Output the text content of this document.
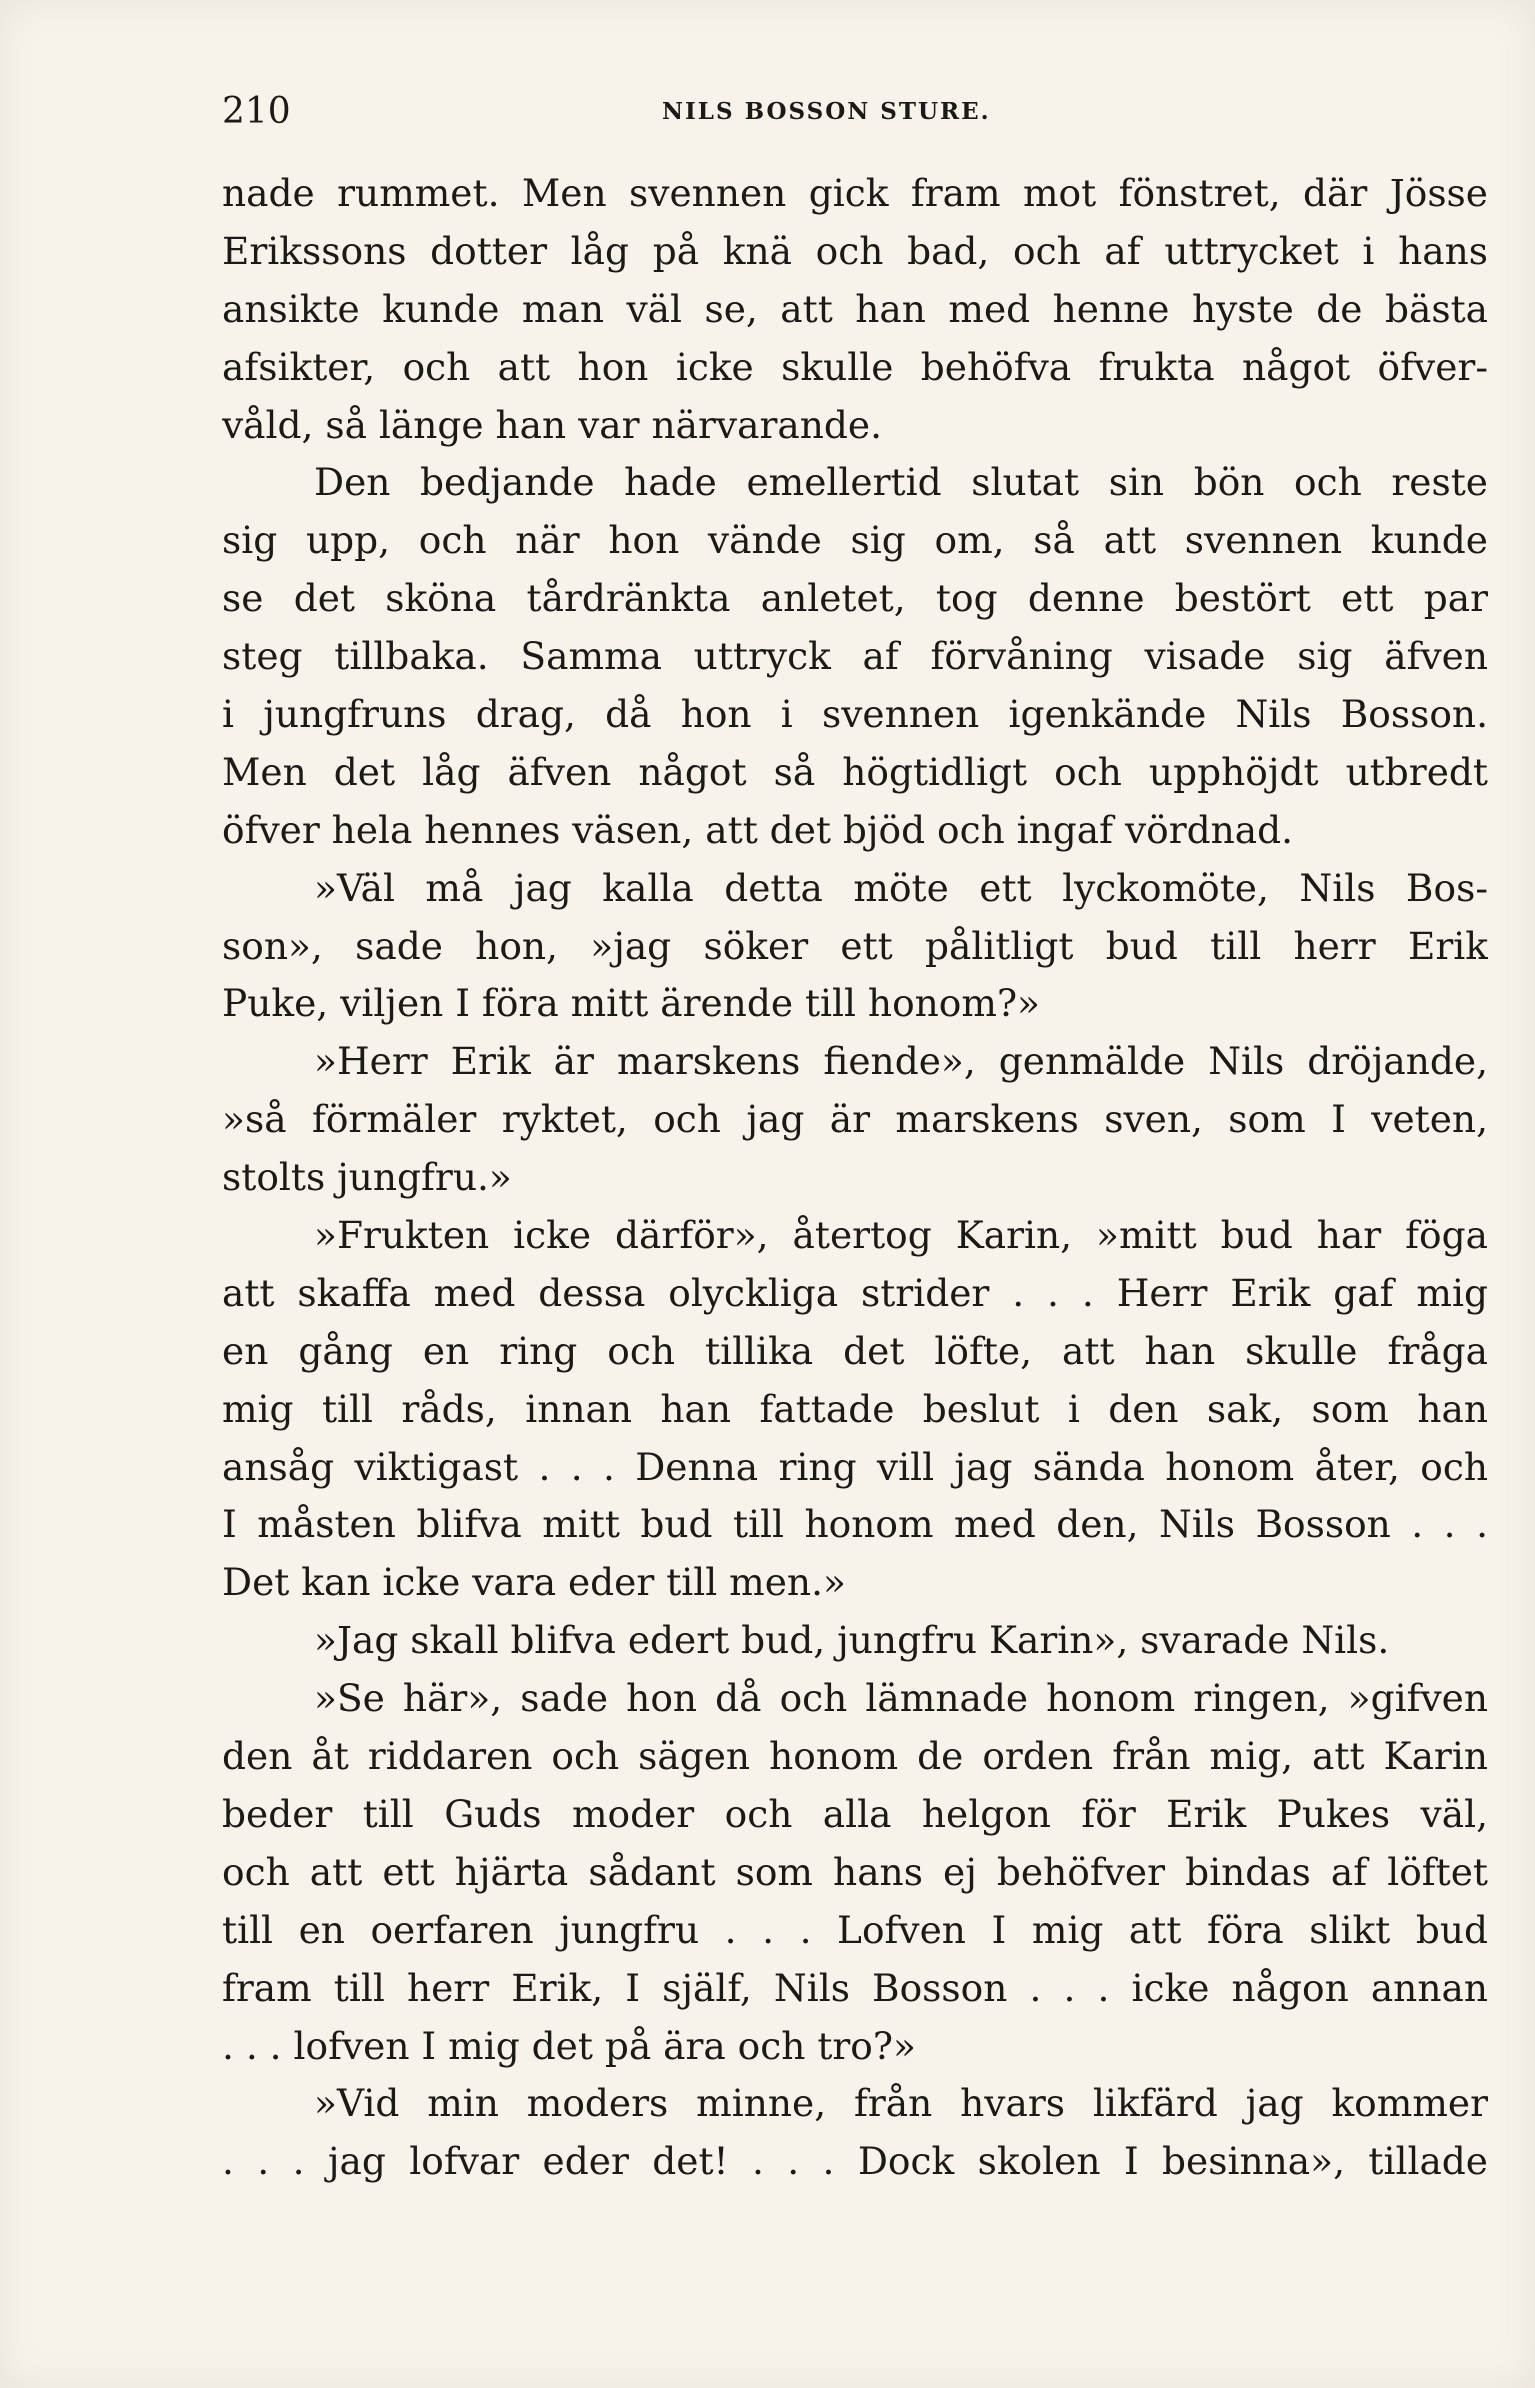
210	NILS BOSSON STURE.
nade rummet. Men svennen gick fram mot fönstret, där Jösse
Erikssons dotter låg på knä och bad, och af uttrycket i hans
ansikte kunde man väl se, att han med henne hyste de bästa
afsikter, och att hon icke skulle behöfva frukta något öfver-
våld, så länge han var närvarande.
Den bedjande hade emellertid slutat sin bön och reste
sig upp, och när hon vände sig om, så att svennen kunde
se det sköna tårdränkta anletet, tog denne bestört ett par
steg tillbaka. Samma uttryck af förvåning visade sig äfven
i jungfruns drag, då hon i svennen igenkände Nils Bosson.
Men det låg äfven något så högtidligt och upphöjdt utbredt
öfver hela hennes väsen, att det bjöd och ingaf vördnad.
»Väl må jag kalla detta möte ett lyckomöte, Nils Bos-
son», sade hon, »jag söker ett pålitligt bud till herr Erik
Puke, viljen I föra mitt ärende till honom?»
»Herr Erik är marskens fiende», genmälde Nils dröjande,
»så förmäler ryktet, och jag är marskens sven, som I veten,
stolts jungfru.»
»Frukten icke därför», återtog Karin, »mitt bud har föga
att skaffa med dessa olyckliga strider . . . Herr Erik gaf mig
en gång en ring och tillika det löfte, att han skulle fråga
mig till råds, innan han fattade beslut i den sak, som han
ansåg viktigast . . . Denna ring vill jag sända honom åter, och
I måsten blifva mitt bud till honom med den, Nils Bosson . . .
Det kan icke vara eder till men.»
»Jag skall blifva edert bud, jungfru Karin», svarade Nils.
»Se här», sade hon då och lämnade honom ringen, »gifven
den åt riddaren och sägen honom de orden från mig, att Karin
beder till Guds moder och alla helgon för Erik Pukes väl,
och att ett hjärta sådant som hans ej behöfver bindas af löftet
till en oerfaren jungfru . . . Lofven I mig att föra slikt bud
fram till herr Erik, I själf, Nils Bosson . . . icke någon annan
. . . lofven I mig det på ära och tro?»
»Vid min moders minne, från hvars likfärd jag kommer
. . . jag lofvar eder det! . . . Dock skolen I besinna», tillade
